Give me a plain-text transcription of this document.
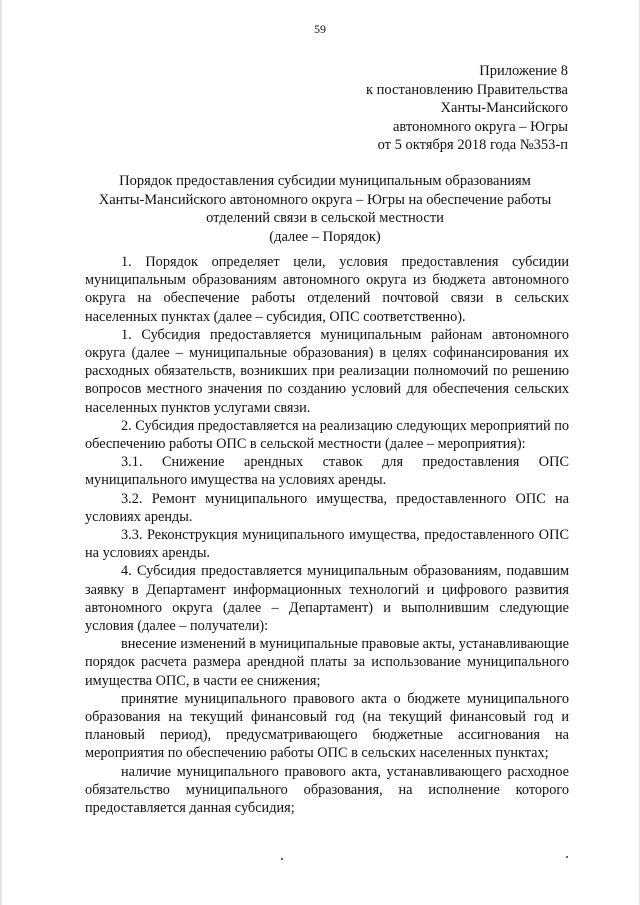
59
Приложение 8
к постановлению Правительства
Ханты-Мансийского
автономного округа – Югры
от 5 октября 2018 года №353-п
Порядок предоставления субсидии муниципальным образованиям
Ханты-Мансийского автономного округа – Югры на обеспечение работы
отделений связи в сельской местности
(далее – Порядок)

1. Порядок определяет цели, условия предоставления субсидии муниципальным образованиям автономного округа из бюджета автономного округа на обеспечение работы отделений почтовой связи в сельских населенных пунктах (далее – субсидия, ОПС соответственно).

1. Субсидия предоставляется муниципальным районам автономного округа (далее – муниципальные образования) в целях софинансирования их расходных обязательств, возникших при реализации полномочий по решению вопросов местного значения по созданию условий для обеспечения сельских населенных пунктов услугами связи.

2. Субсидия предоставляется на реализацию следующих мероприятий по обеспечению работы ОПС в сельской местности (далее – мероприятия):

3.1. Снижение арендных ставок для предоставления ОПС муниципального имущества на условиях аренды.

3.2. Ремонт муниципального имущества, предоставленного ОПС на условиях аренды.

3.3. Реконструкция муниципального имущества, предоставленного ОПС на условиях аренды.

4. Субсидия предоставляется муниципальным образованиям, подавшим заявку в Департамент информационных технологий и цифрового развития автономного округа (далее – Департамент) и выполнившим следующие условия (далее – получатели):

внесение изменений в муниципальные правовые акты, устанавливающие порядок расчета размера арендной платы за использование муниципального имущества ОПС, в части ее снижения;

принятие муниципального правового акта о бюджете муниципального образования на текущий финансовый год (на текущий финансовый год и плановый период), предусматривающего бюджетные ассигнования на мероприятия по обеспечению работы ОПС в сельских населенных пунктах;

наличие муниципального правового акта, устанавливающего расходное обязательство муниципального образования, на исполнение которого предоставляется данная субсидия;
